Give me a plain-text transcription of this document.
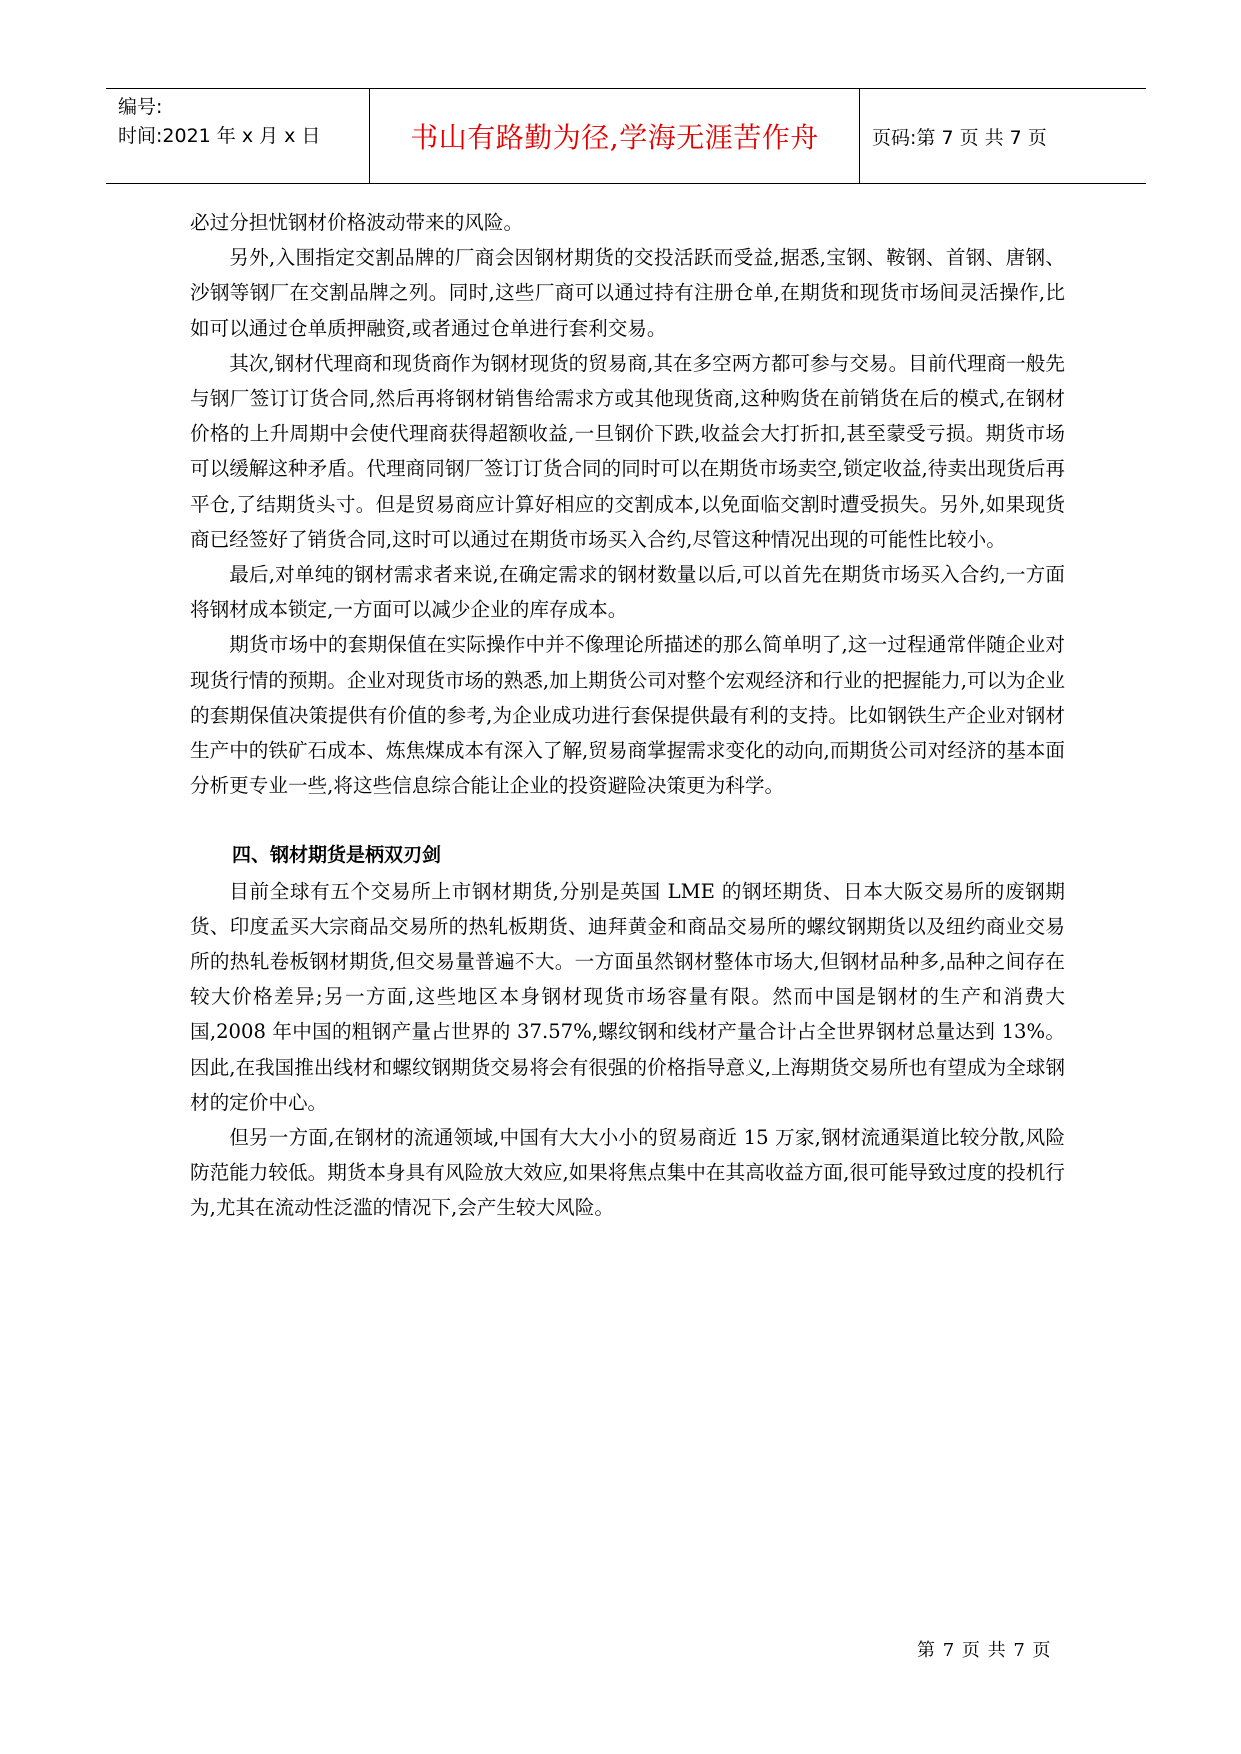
编号:
时间:2021 年 x 月 x 日	书山有路勤为径,学海无涯苦作舟	页码:第 7 页 共 7 页

必过分担忧钢材价格波动带来的风险。

另外,入围指定交割品牌的厂商会因钢材期货的交投活跃而受益,据悉,宝钢、鞍钢、首钢、唐钢、沙钢等钢厂在交割品牌之列。同时,这些厂商可以通过持有注册仓单,在期货和现货市场间灵活操作,比如可以通过仓单质押融资,或者通过仓单进行套利交易。

其次,钢材代理商和现货商作为钢材现货的贸易商,其在多空两方都可参与交易。目前代理商一般先与钢厂签订订货合同,然后再将钢材销售给需求方或其他现货商,这种购货在前销货在后的模式,在钢材价格的上升周期中会使代理商获得超额收益,一旦钢价下跌,收益会大打折扣,甚至蒙受亏损。期货市场可以缓解这种矛盾。代理商同钢厂签订订货合同的同时可以在期货市场卖空,锁定收益,待卖出现货后再平仓,了结期货头寸。但是贸易商应计算好相应的交割成本,以免面临交割时遭受损失。另外,如果现货商已经签好了销货合同,这时可以通过在期货市场买入合约,尽管这种情况出现的可能性比较小。

最后,对单纯的钢材需求者来说,在确定需求的钢材数量以后,可以首先在期货市场买入合约,一方面将钢材成本锁定,一方面可以减少企业的库存成本。

期货市场中的套期保值在实际操作中并不像理论所描述的那么简单明了,这一过程通常伴随企业对现货行情的预期。企业对现货市场的熟悉,加上期货公司对整个宏观经济和行业的把握能力,可以为企业的套期保值决策提供有价值的参考,为企业成功进行套保提供最有利的支持。比如钢铁生产企业对钢材生产中的铁矿石成本、炼焦煤成本有深入了解,贸易商掌握需求变化的动向,而期货公司对经济的基本面分析更专业一些,将这些信息综合能让企业的投资避险决策更为科学。

四、钢材期货是柄双刃剑

目前全球有五个交易所上市钢材期货,分别是英国 LME 的钢坯期货、日本大阪交易所的废钢期货、印度孟买大宗商品交易所的热轧板期货、迪拜黄金和商品交易所的螺纹钢期货以及纽约商业交易所的热轧卷板钢材期货,但交易量普遍不大。一方面虽然钢材整体市场大,但钢材品种多,品种之间存在较大价格差异;另一方面,这些地区本身钢材现货市场容量有限。然而中国是钢材的生产和消费大国,2008 年中国的粗钢产量占世界的 37.57%,螺纹钢和线材产量合计占全世界钢材总量达到 13%。因此,在我国推出线材和螺纹钢期货交易将会有很强的价格指导意义,上海期货交易所也有望成为全球钢材的定价中心。

但另一方面,在钢材的流通领域,中国有大大小小的贸易商近 15 万家,钢材流通渠道比较分散,风险防范能力较低。期货本身具有风险放大效应,如果将焦点集中在其高收益方面,很可能导致过度的投机行为,尤其在流动性泛滥的情况下,会产生较大风险。

第 7 页 共 7 页
